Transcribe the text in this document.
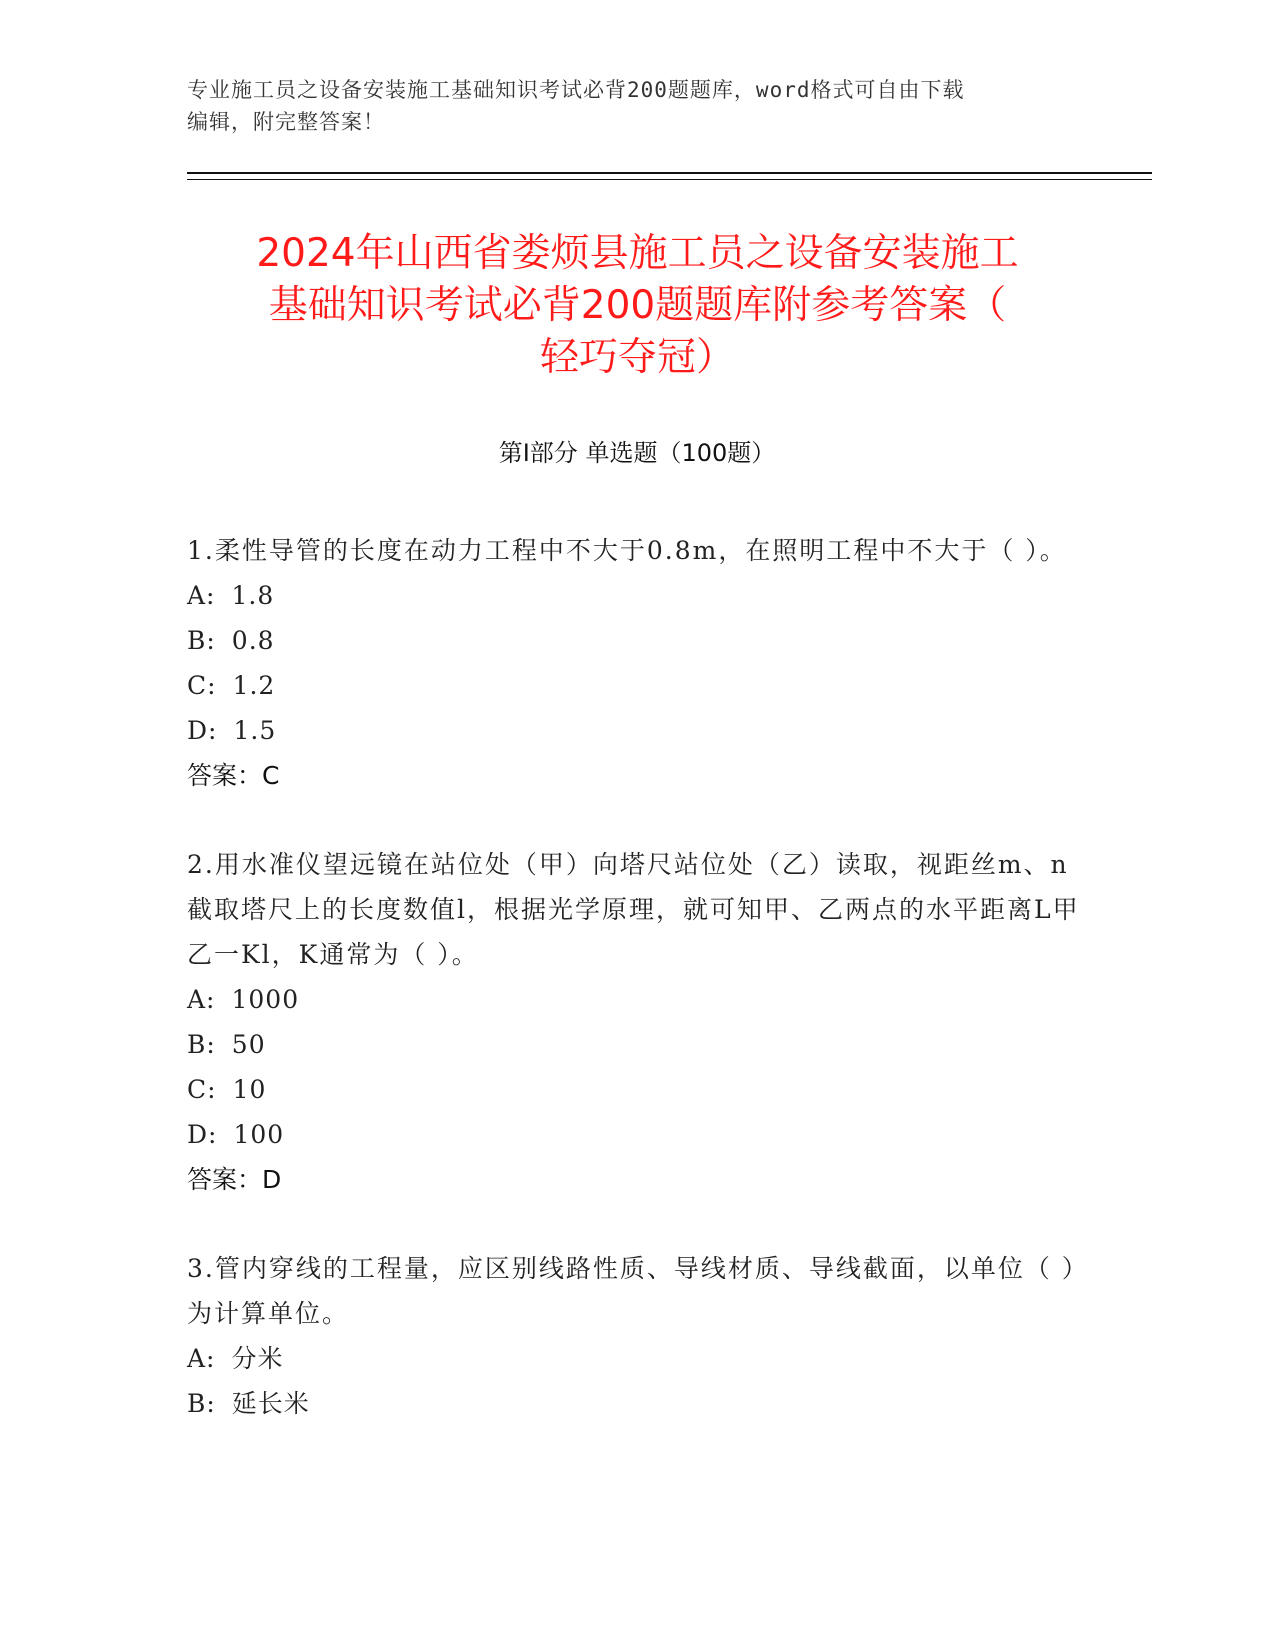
专业施工员之设备安装施工基础知识考试必背200题题库，word格式可自由下载
编辑，附完整答案！
2024年山西省娄烦县施工员之设备安装施工
基础知识考试必背200题题库附参考答案（
轻巧夺冠）
第Ⅰ部分 单选题（100题）
1.柔性导管的长度在动力工程中不大于0.8m，在照明工程中不大于（ ）。
A: 1.8
B: 0.8
C: 1.2
D: 1.5
答案：C
2.用水准仪望远镜在站位处（甲）向塔尺站位处（乙）读取，视距丝m、n截取塔尺上的长度数值l，根据光学原理，就可知甲、乙两点的水平距离L甲乙一Kl，K通常为（ ）。
A: 1000
B: 50
C: 10
D: 100
答案：D
3.管内穿线的工程量，应区别线路性质、导线材质、导线截面，以单位（ ）为计算单位。
A: 分米
B: 延长米
